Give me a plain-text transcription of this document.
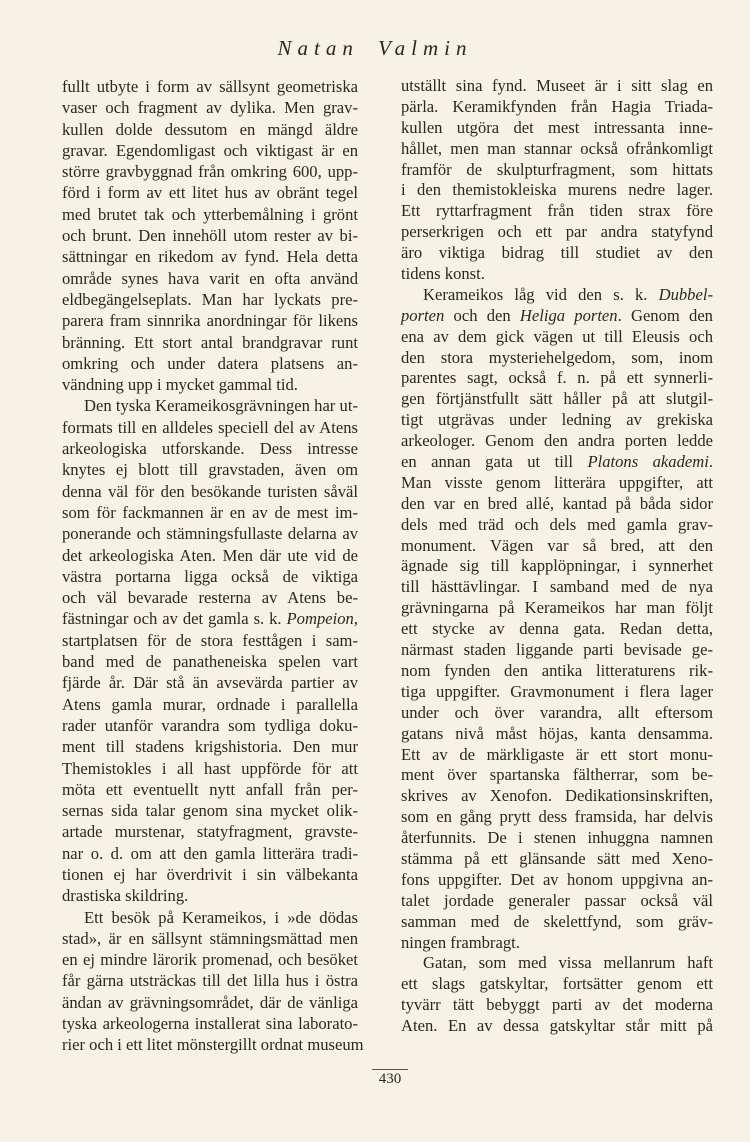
Natan Valmin
fullt utbyte i form av sällsynt geometriska
vaser och fragment av dylika. Men grav-
kullen dolde dessutom en mängd äldre
gravar. Egendomligast och viktigast är en
större gravbyggnad från omkring 600, upp-
förd i form av ett litet hus av obränt tegel
med brutet tak och ytterbemålning i grönt
och brunt. Den innehöll utom rester av bi-
sättningar en rikedom av fynd. Hela detta
område synes hava varit en ofta använd
eldbegängelseplats. Man har lyckats pre-
parera fram sinnrika anordningar för likens
bränning. Ett stort antal brandgravar runt
omkring och under datera platsens an-
vändning upp i mycket gammal tid.
Den tyska Kerameikosgrävningen har ut-
formats till en alldeles speciell del av Atens
arkeologiska utforskande. Dess intresse
knytes ej blott till gravstaden, även om
denna väl för den besökande turisten såväl
som för fackmannen är en av de mest im-
ponerande och stämningsfullaste delarna av
det arkeologiska Aten. Men där ute vid de
västra portarna ligga också de viktiga
och väl bevarade resterna av Atens be-
fästningar och av det gamla s. k. Pompeion,
startplatsen för de stora festtågen i sam-
band med de panatheneiska spelen vart
fjärde år. Där stå än avsevärda partier av
Atens gamla murar, ordnade i parallella
rader utanför varandra som tydliga doku-
ment till stadens krigshistoria. Den mur
Themistokles i all hast uppförde för att
möta ett eventuellt nytt anfall från per-
sernas sida talar genom sina mycket olik-
artade murstenar, statyfragment, gravste-
nar o. d. om att den gamla litterära tradi-
tionen ej har överdrivit i sin välbekanta
drastiska skildring.
Ett besök på Kerameikos, i »de dödas
stad», är en sällsynt stämningsmättad men
en ej mindre lärorik promenad, och besöket
får gärna utsträckas till det lilla hus i östra
ändan av grävningsområdet, där de vänliga
tyska arkeologerna installerat sina laborato-
rier och i ett litet mönstergillt ordnat museum
utställt sina fynd. Museet är i sitt slag en
pärla. Keramikfynden från Hagia Triada-
kullen utgöra det mest intressanta inne-
hållet, men man stannar också ofrånkomligt
framför de skulpturfragment, som hittats
i den themistokleiska murens nedre lager.
Ett ryttarfragment från tiden strax före
perserkrigen och ett par andra statyfynd
äro viktiga bidrag till studiet av den
tidens konst.
Kerameikos låg vid den s. k. Dubbel-
porten och den Heliga porten. Genom den
ena av dem gick vägen ut till Eleusis och
den stora mysteriehelgedom, som, inom
parentes sagt, också f. n. på ett synnerli-
gen förtjänstfullt sätt håller på att slutgil-
tigt utgrävas under ledning av grekiska
arkeologer. Genom den andra porten ledde
en annan gata ut till Platons akademi.
Man visste genom litterära uppgifter, att
den var en bred allé, kantad på båda sidor
dels med träd och dels med gamla grav-
monument. Vägen var så bred, att den
ägnade sig till kapplöpningar, i synnerhet
till hästtävlingar. I samband med de nya
grävningarna på Kerameikos har man följt
ett stycke av denna gata. Redan detta,
närmast staden liggande parti bevisade ge-
nom fynden den antika litteraturens rik-
tiga uppgifter. Gravmonument i flera lager
under och över varandra, allt eftersom
gatans nivå måst höjas, kanta densamma.
Ett av de märkligaste är ett stort monu-
ment över spartanska fältherrar, som be-
skrives av Xenofon. Dedikationsinskriften,
som en gång prytt dess framsida, har delvis
återfunnits. De i stenen inhuggna namnen
stämma på ett glänsande sätt med Xeno-
fons uppgifter. Det av honom uppgivna an-
talet jordade generaler passar också väl
samman med de skelettfynd, som gräv-
ningen frambragt.
Gatan, som med vissa mellanrum haft
ett slags gatskyltar, fortsätter genom ett
tyvärr tätt bebyggt parti av det moderna
Aten. En av dessa gatskyltar står mitt på
430
